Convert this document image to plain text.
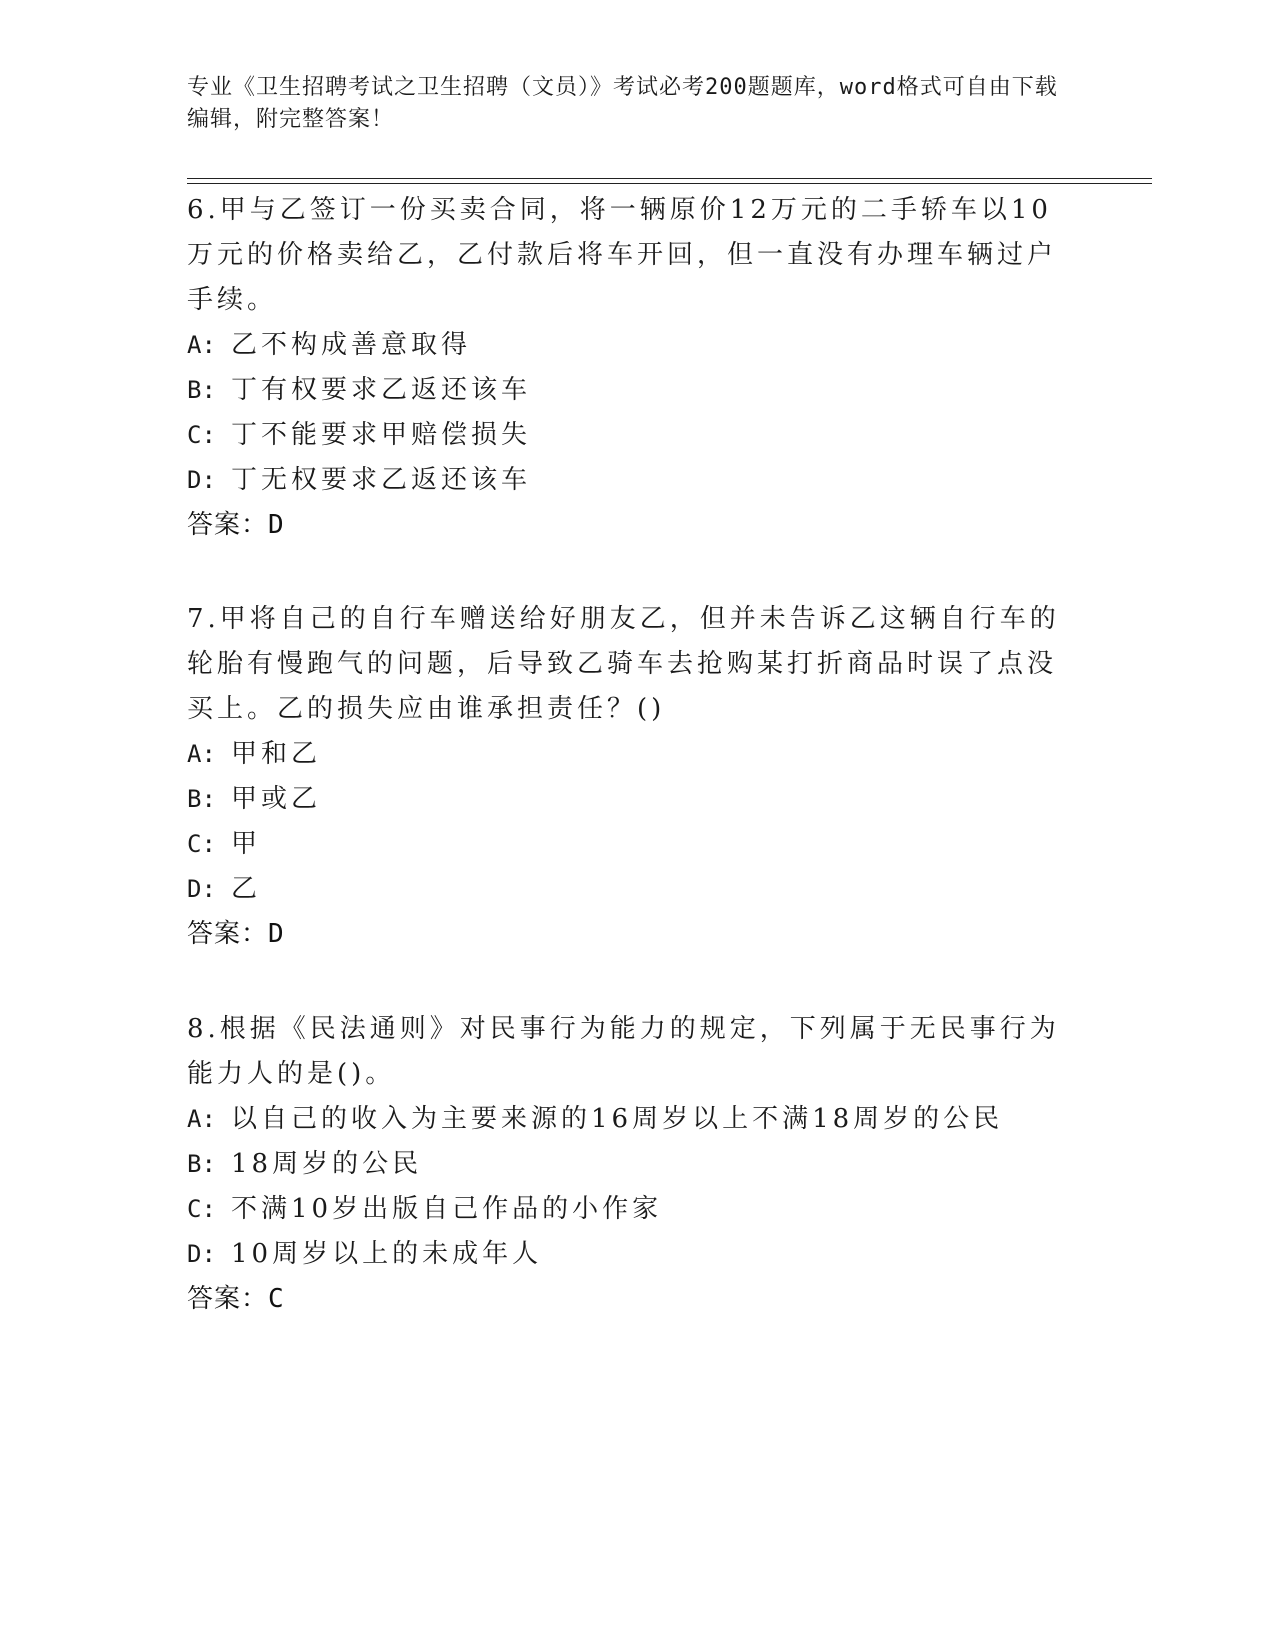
专业《卫生招聘考试之卫生招聘（文员）》考试必考200题题库，word格式可自由下载编辑，附完整答案！

6.甲与乙签订一份买卖合同，将一辆原价12万元的二手轿车以10万元的价格卖给乙，乙付款后将车开回，但一直没有办理车辆过户手续。

A: 乙不构成善意取得
B: 丁有权要求乙返还该车
C: 丁不能要求甲赔偿损失
D: 丁无权要求乙返还该车

答案：D

7.甲将自己的自行车赠送给好朋友乙，但并未告诉乙这辆自行车的轮胎有慢跑气的问题，后导致乙骑车去抢购某打折商品时误了点没买上。乙的损失应由谁承担责任？()

A: 甲和乙
B: 甲或乙
C: 甲
D: 乙

答案：D

8.根据《民法通则》对民事行为能力的规定，下列属于无民事行为能力人的是()。

A: 以自己的收入为主要来源的16周岁以上不满18周岁的公民
B: 18周岁的公民
C: 不满10岁出版自己作品的小作家
D: 10周岁以上的未成年人

答案：C
